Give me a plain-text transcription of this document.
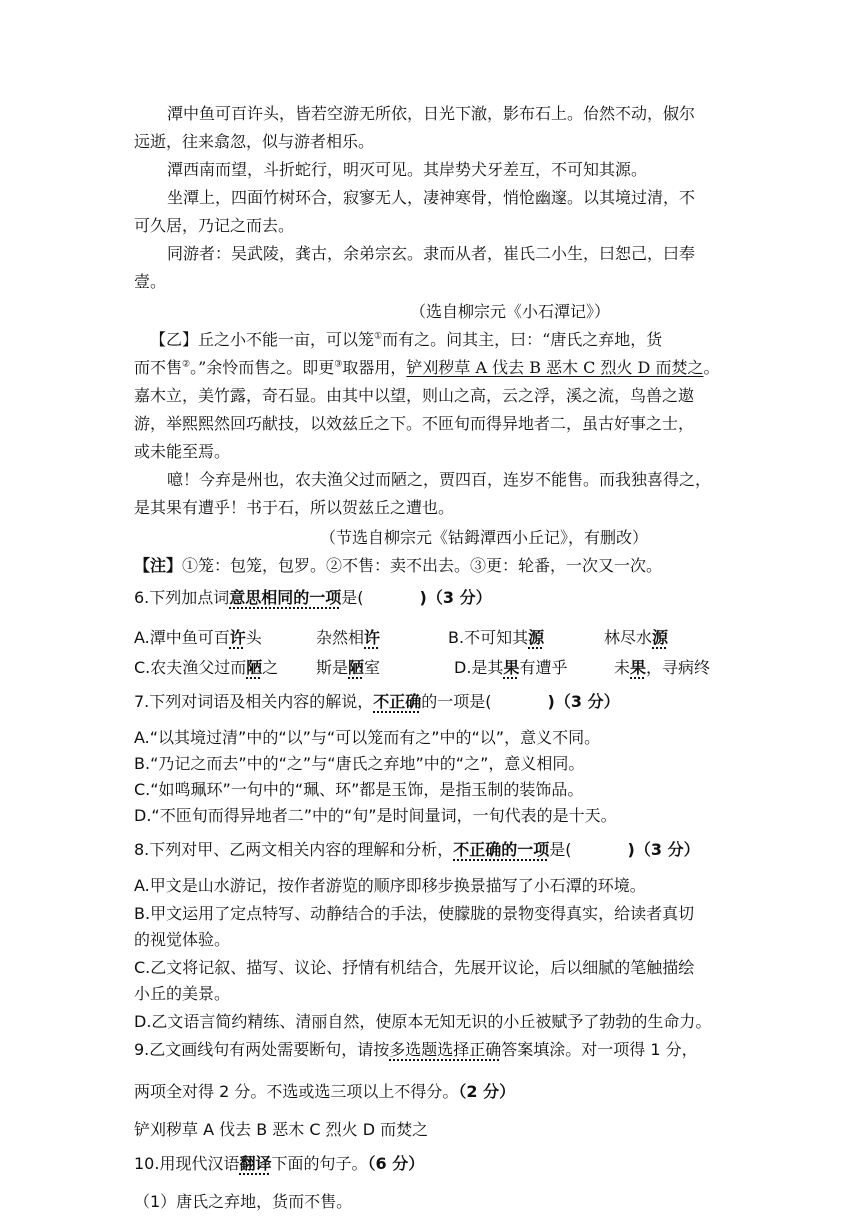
潭中鱼可百许头，皆若空游无所依，日光下澈，影布石上。佁然不动，俶尔
远逝，往来翕忽，似与游者相乐。
潭西南而望，斗折蛇行，明灭可见。其岸势犬牙差互，不可知其源。
坐潭上，四面竹树环合，寂寥无人，凄神寒骨，悄怆幽邃。以其境过清，不
可久居，乃记之而去。
同游者：吴武陵，龚古，余弟宗玄。隶而从者，崔氏二小生，曰恕己，曰奉
壹。
（选自柳宗元《小石潭记》）
【乙】丘之小不能一亩，可以笼①而有之。问其主，曰：“唐氏之弃地，货
而不售②。”余怜而售之。即更③取器用，铲刈秽草 A 伐去 B 恶木 C 烈火 D 而焚之。
嘉木立，美竹露，奇石显。由其中以望，则山之高，云之浮，溪之流，鸟兽之遨
游，举熙熙然回巧献技，以效兹丘之下。不匝旬而得异地者二，虽古好事之士，
或未能至焉。
噫！今弃是州也，农夫渔父过而陋之，贾四百，连岁不能售。而我独喜得之，
是其果有遭乎！书于石，所以贺兹丘之遭也。
（节选自柳宗元《钴鉧潭西小丘记》，有删改）
【注】①笼：包笼，包罗。②不售：卖不出去。③更：轮番，一次又一次。
6.下列加点词意思相同的一项是(	)（3 分）
A.潭中鱼可百许头	杂然相许	B.不可知其源	林尽水源
C.农夫渔父过而陋之 斯是陋室	D.是其果有遭乎	未果，寻病终
7.下列对词语及相关内容的解说，不正确的一项是(	)（3 分）
A.“以其境过清”中的“以”与“可以笼而有之”中的“以”，意义不同。
B.“乃记之而去”中的“之”与“唐氏之弃地”中的“之”，意义相同。
C.“如鸣珮环”一句中的“珮、环”都是玉饰，是指玉制的装饰品。
D.“不匝旬而得异地者二”中的“旬”是时间量词，一旬代表的是十天。
8.下列对甲、乙两文相关内容的理解和分析，不正确的一项是(	)（3 分）
A.甲文是山水游记，按作者游览的顺序即移步换景描写了小石潭的环境。
B.甲文运用了定点特写、动静结合的手法，使朦胧的景物变得真实，给读者真切
的视觉体验。
C.乙文将记叙、描写、议论、抒情有机结合，先展开议论，后以细腻的笔触描绘
小丘的美景。
D.乙文语言简约精练、清丽自然，使原本无知无识的小丘被赋予了勃勃的生命力。
9.乙文画线句有两处需要断句，请按多选题选择正确答案填涂。对一项得 1 分，
两项全对得 2 分。不选或选三项以上不得分。（2 分）
铲刈秽草 A 伐去 B 恶木 C 烈火 D 而焚之
10.用现代汉语翻译下面的句子。（6 分）
（1）唐氏之弃地，货而不售。
